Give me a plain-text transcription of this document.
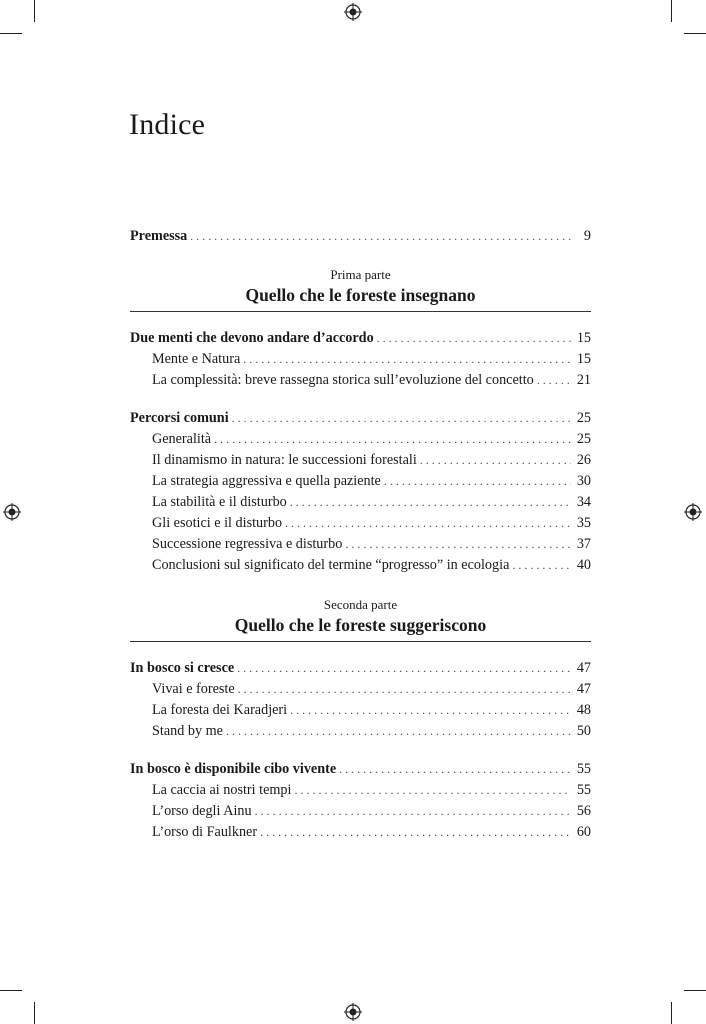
Indice
Premessa . . .	9
Prima parte
Quello che le foreste insegnano
Due menti che devono andare d’accordo . . .	15
Mente e Natura . . .	15
La complessità: breve rassegna storica sull’evoluzione del concetto . . .	21
Percorsi comuni . . .	25
Generalità . . .	25
Il dinamismo in natura: le successioni forestali . . .	26
La strategia aggressiva e quella paziente . . .	30
La stabilità e il disturbo . . .	34
Gli esotici e il disturbo . . .	35
Successione regressiva e disturbo . . .	37
Conclusioni sul significato del termine “progresso” in ecologia . . .	40
Seconda parte
Quello che le foreste suggeriscono
In bosco si cresce . . .	47
Vivai e foreste . . .	47
La foresta dei Karadjeri . . .	48
Stand by me . . .	50
In bosco è disponibile cibo vivente . . .	55
La caccia ai nostri tempi . . .	55
L’orso degli Ainu . . .	56
L’orso di Faulkner . . .	60
